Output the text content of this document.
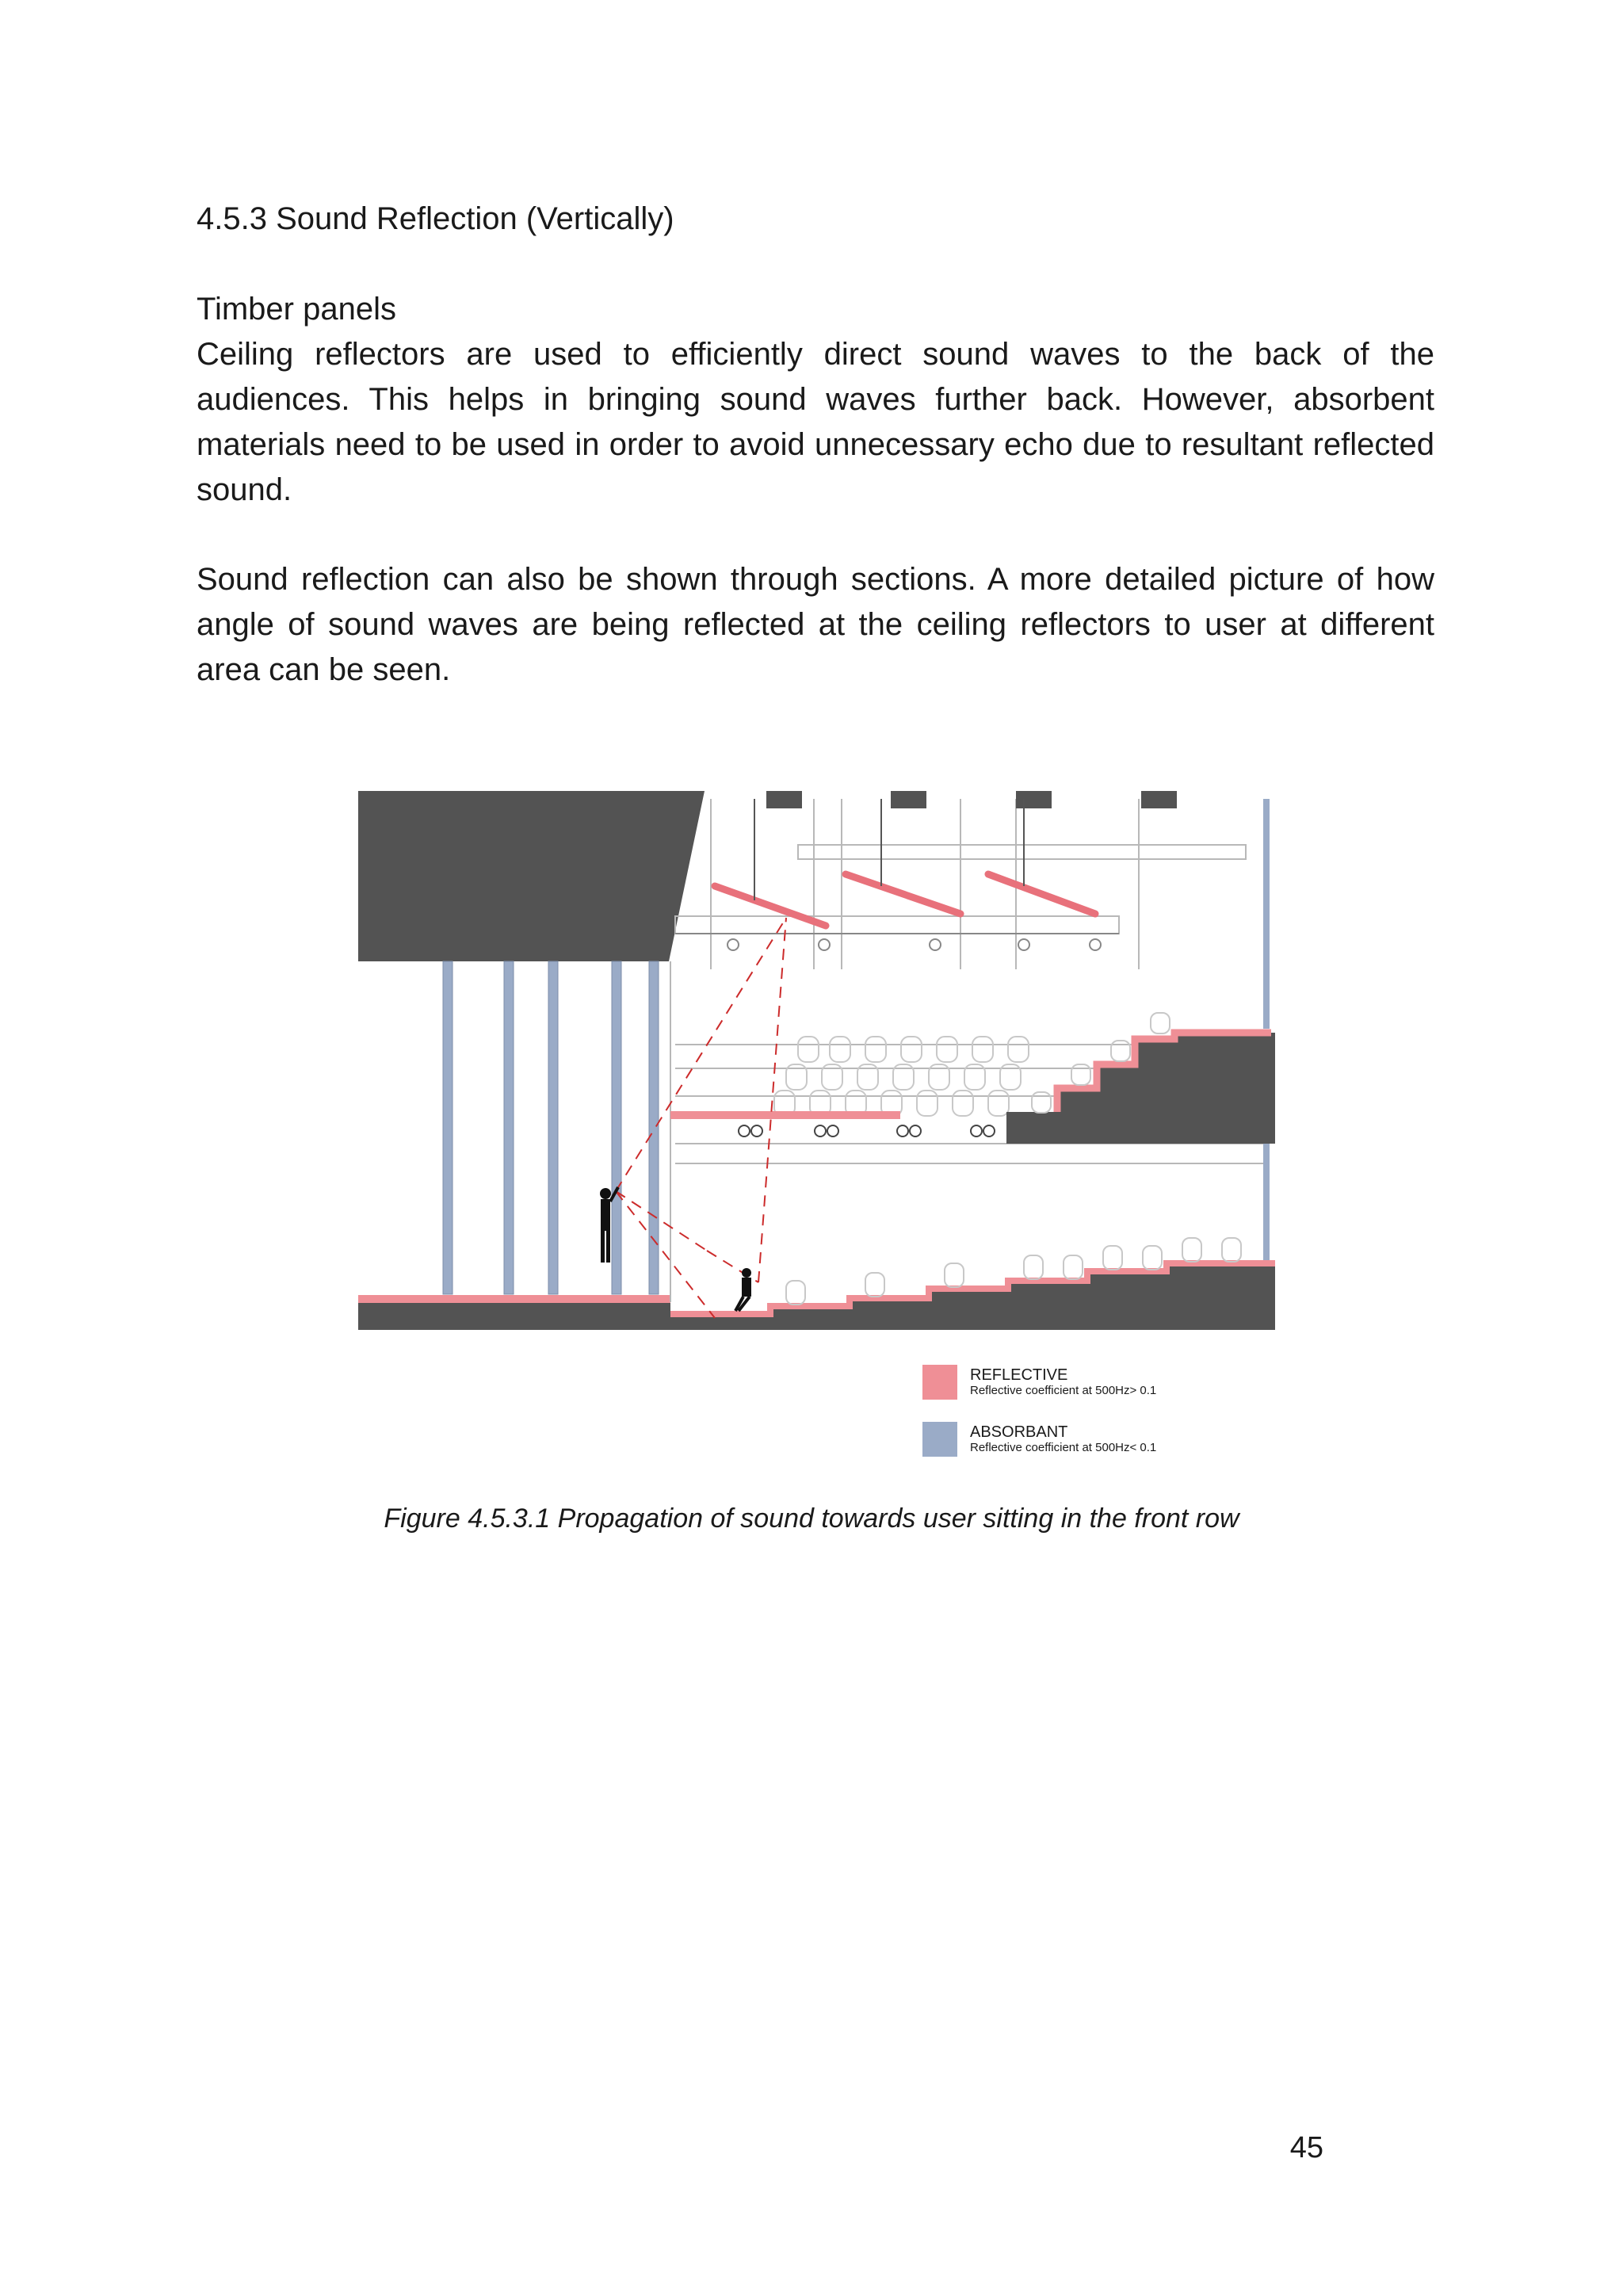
4.5.3 Sound Reflection (Vertically)
Timber panels

Ceiling reflectors are used to efficiently direct sound waves to the back of the audiences. This helps in bringing sound waves further back. However, absorbent materials need to be used in order to avoid unnecessary echo due to resultant reflected sound.

Sound reflection can also be shown through sections. A more detailed picture of how angle of sound waves are being reflected at the ceiling reflectors to user at different area can be seen.

REFLECTIVE
Reflective coefficient at 500Hz> 0.1
ABSORBANT
Reflective coefficient at 500Hz< 0.1
Figure 4.5.3.1 Propagation of sound towards user sitting in the front row
45
